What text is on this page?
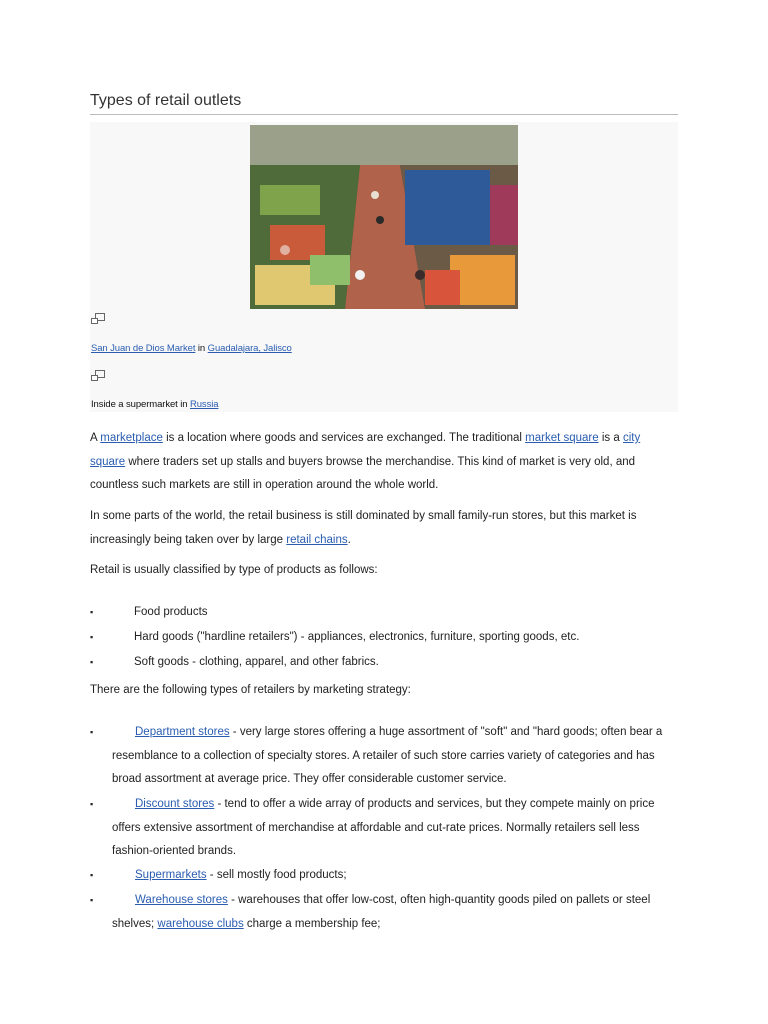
Types of retail outlets
San Juan de Dios Market in Guadalajara, Jalisco
Inside a supermarket in Russia
A marketplace is a location where goods and services are exchanged. The traditional market square is a city
square where traders set up stalls and buyers browse the merchandise. This kind of market is very old, and countless such markets are still in operation around the whole world.
In some parts of the world, the retail business is still dominated by small family-run stores, but this market is increasingly being taken over by large retail chains.
Retail is usually classified by type of products as follows:
▪	Food products
▪	Hard goods ("hardline retailers") - appliances, electronics, furniture, sporting goods, etc.
▪	Soft goods - clothing, apparel, and other fabrics.
There are the following types of retailers by marketing strategy:
▪	Department stores - very large stores offering a huge assortment of "soft" and "hard goods; often bear a resemblance to a collection of specialty stores. A retailer of such store carries variety of categories and has broad assortment at average price. They offer considerable customer service.
▪	Discount stores - tend to offer a wide array of products and services, but they compete mainly on price offers extensive assortment of merchandise at affordable and cut-rate prices. Normally retailers sell less fashion-oriented brands.
▪	Supermarkets - sell mostly food products;
▪	Warehouse stores - warehouses that offer low-cost, often high-quantity goods piled on pallets or steel shelves; warehouse clubs charge a membership fee;
